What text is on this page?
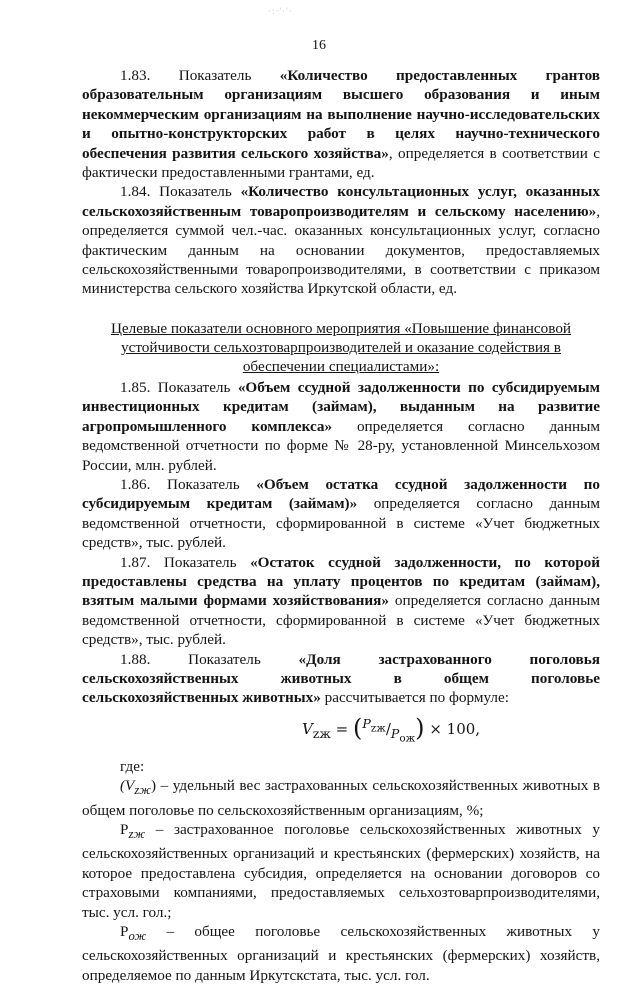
·:·'·'·
16

1.83. Показатель «Количество предоставленных грантов образовательным организациям высшего образования и иным некоммерческим организациям на выполнение научно-исследовательских и опытно-конструкторских работ в целях научно-технического обеспечения развития сельского хозяйства», определяется в соответствии с фактически предоставленными грантами, ед.

1.84. Показатель «Количество консультационных услуг, оказанных сельскохозяйственным товаропроизводителям и сельскому населению», определяется суммой чел.-час. оказанных консультационных услуг, согласно фактическим данным на основании документов, предоставляемых сельскохозяйственными товаропроизводителями, в соответствии с приказом министерства сельского хозяйства Иркутской области, ед.

Целевые показатели основного мероприятия «Повышение финансовой устойчивости сельхозтоварпроизводителей и оказание содействия в обеспечении специалистами»:

1.85. Показатель «Объем ссудной задолженности по субсидируемым инвестиционных кредитам (займам), выданным на развитие агропромышленного комплекса» определяется согласно данным ведомственной отчетности по форме № 28-ру, установленной Минсельхозом России, млн. рублей.

1.86. Показатель «Объем остатка ссудной задолженности по субсидируемым кредитам (займам)» определяется согласно данным ведомственной отчетности, сформированной в системе «Учет бюджетных средств», тыс. рублей.

1.87. Показатель «Остаток ссудной задолженности, по которой предоставлены средства на уплату процентов по кредитам (займам), взятым малыми формами хозяйствования» определяется согласно данным ведомственной отчетности, сформированной в системе «Учет бюджетных средств», тыс. рублей.

1.88. Показатель «Доля застрахованного поголовья сельскохозяйственных животных в общем поголовье сельскохозяйственных животных» рассчитывается по формуле:

$V_{zж} = (^{P_{zж}}/_{P_{ож}}) \times 100$,

где:

$(V_{zж})$ – удельный вес застрахованных сельскохозяйственных животных в общем поголовье по сельскохозяйственным организациям, %;

$P_{zж}$ – застрахованное поголовье сельскохозяйственных животных у сельскохозяйственных организаций и крестьянских (фермерских) хозяйств, на которое предоставлена субсидия, определяется на основании договоров со страховыми компаниями, предоставляемых сельхозтоварпроизводителями, тыс. усл. гол.;

$P_{ож}$ – общее поголовье сельскохозяйственных животных у сельскохозяйственных организаций и крестьянских (фермерских) хозяйств, определяемое по данным Иркутскстата, тыс. усл. гол.
